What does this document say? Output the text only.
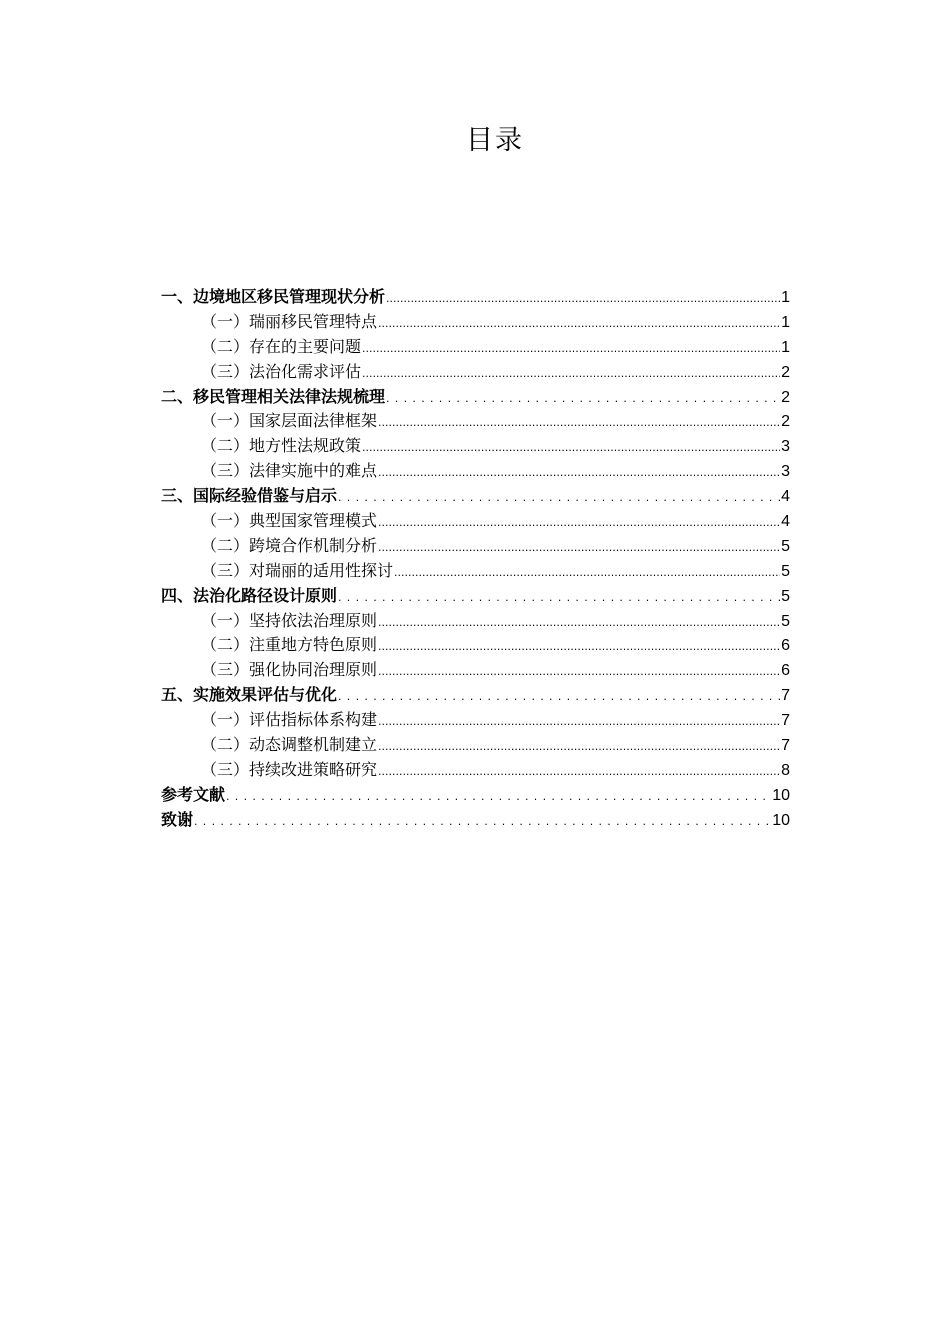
目录
一、边境地区移民管理现状分析 .....	1
（一）瑞丽移民管理特点 .....	1
（二）存在的主要问题 .....	1
（三）法治化需求评估 .....	2
二、移民管理相关法律法规梳理 . . .	2
（一）国家层面法律框架 .....	2
（二）地方性法规政策 .....	3
（三）法律实施中的难点 .....	3
三、国际经验借鉴与启示 . . .	4
（一）典型国家管理模式 .....	4
（二）跨境合作机制分析 .....	5
（三）对瑞丽的适用性探讨 .....	5
四、法治化路径设计原则 . . .	5
（一）坚持依法治理原则 .....	5
（二）注重地方特色原则 .....	6
（三）强化协同治理原则 .....	6
五、实施效果评估与优化 . . .	7
（一）评估指标体系构建 .....	7
（二）动态调整机制建立 .....	7
（三）持续改进策略研究 .....	8
参考文献 . . .	10
致谢 . . .	10
